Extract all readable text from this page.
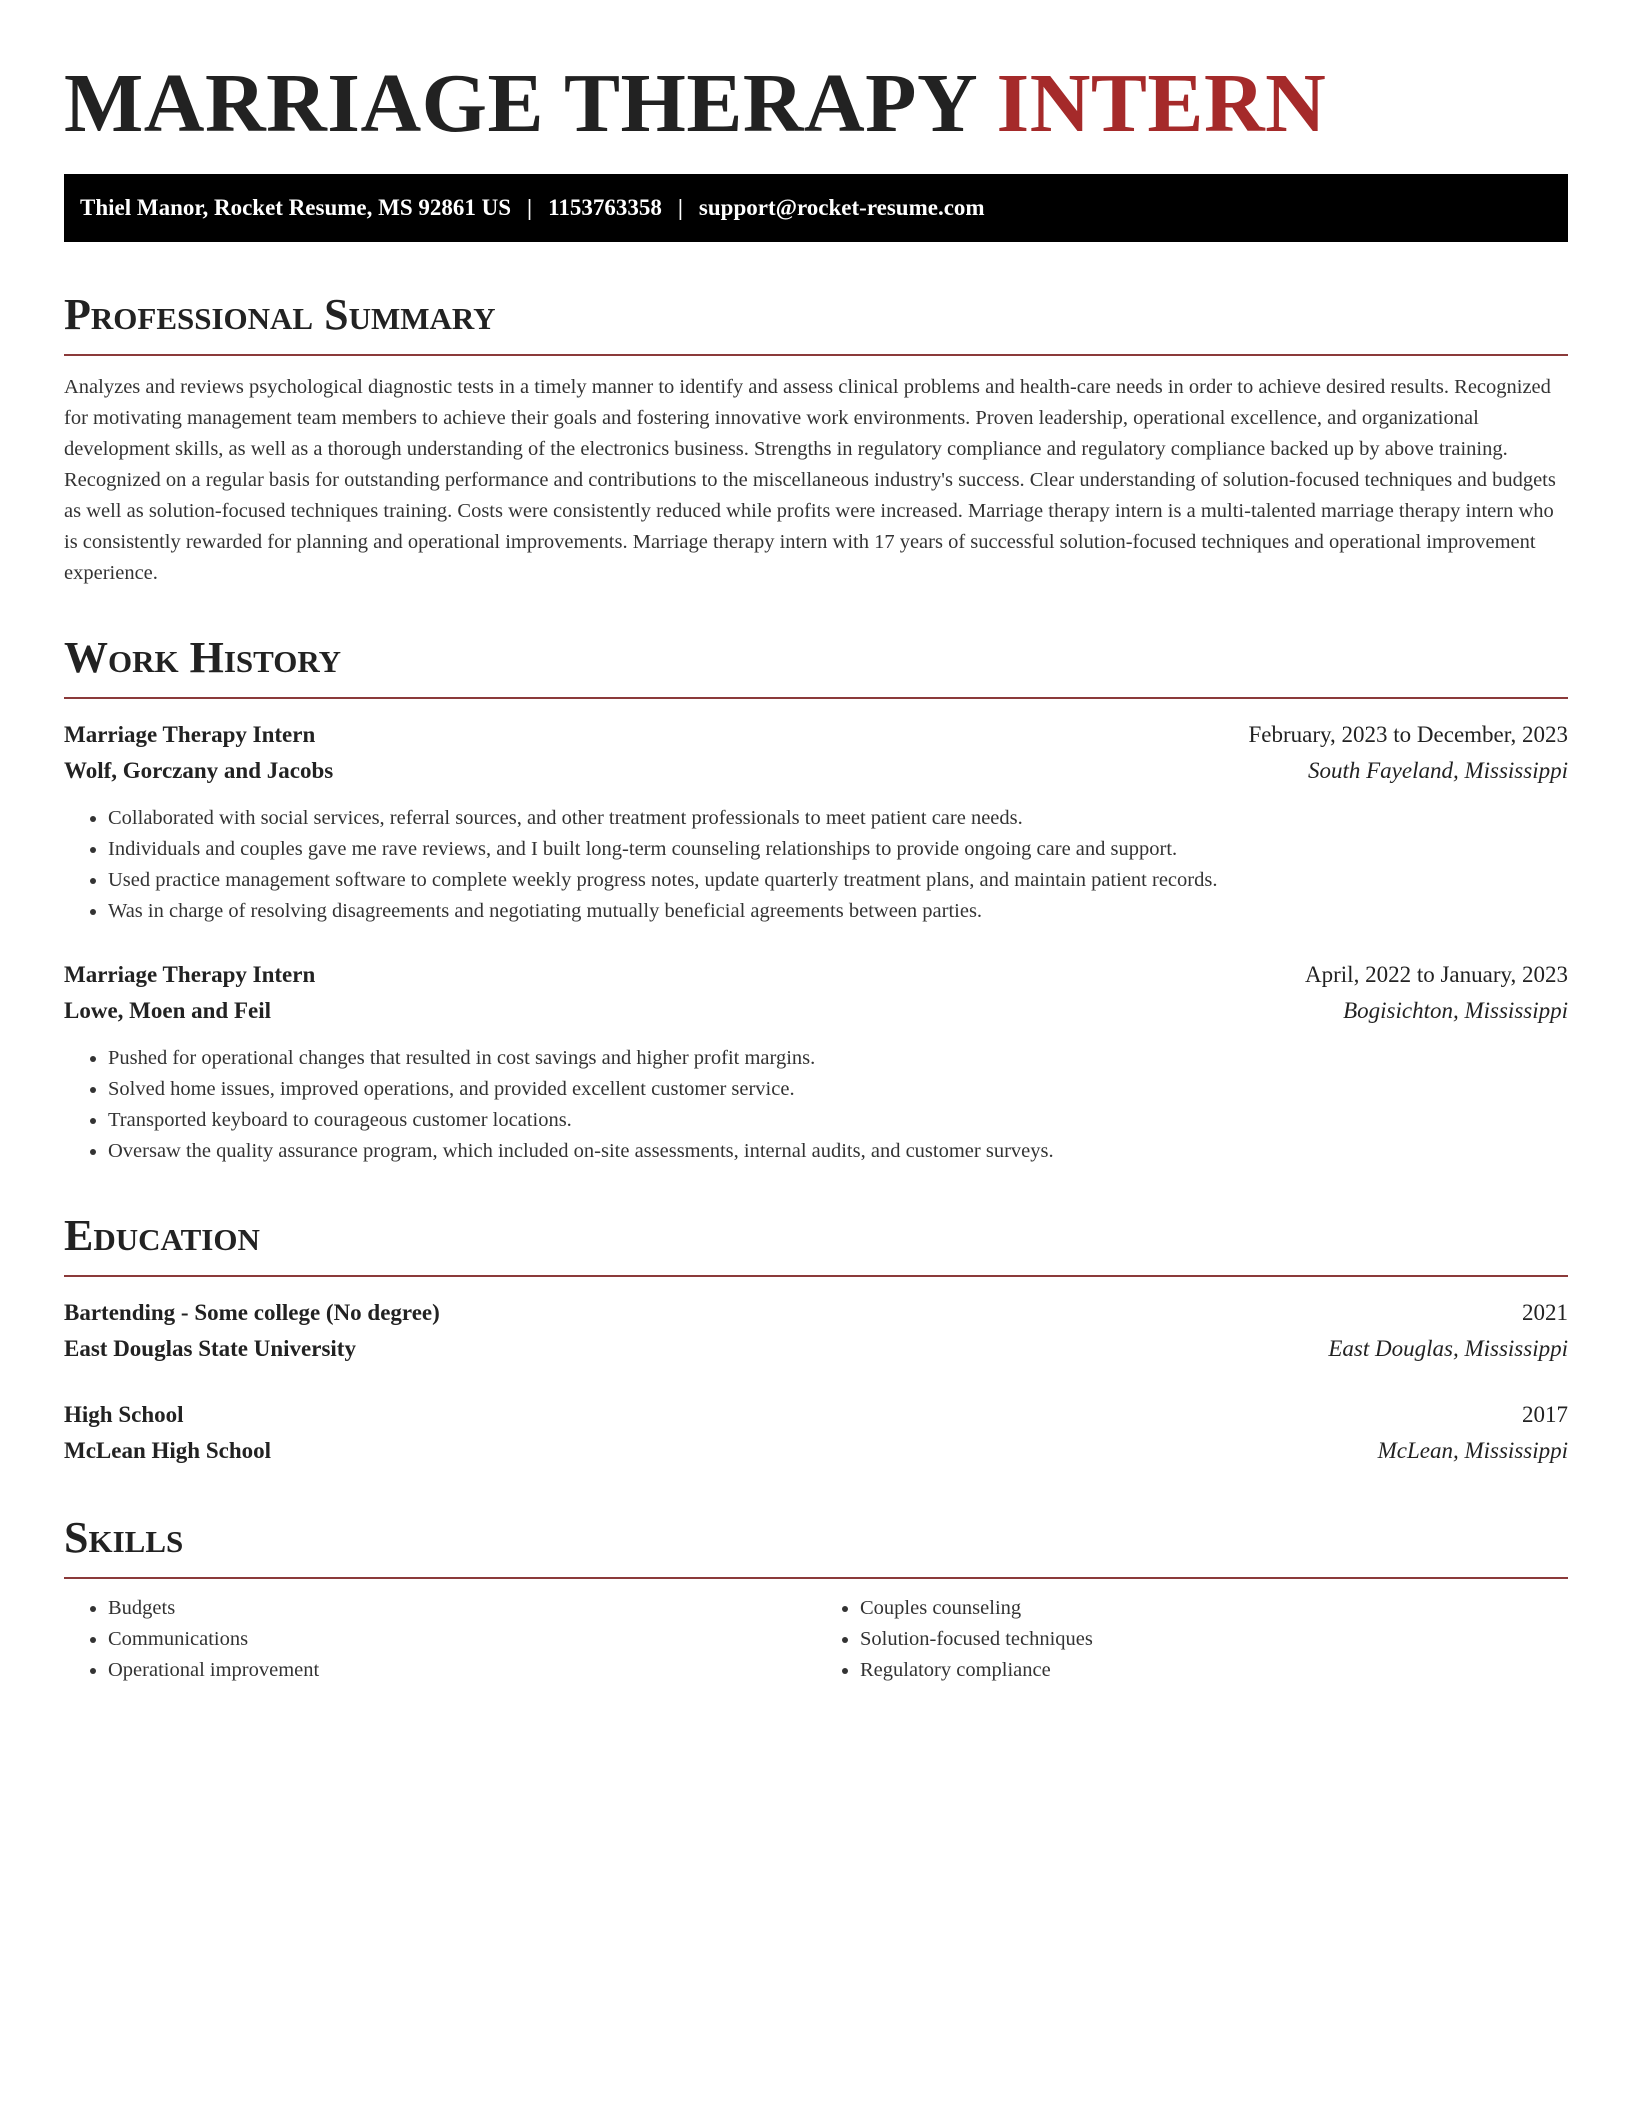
MARRIAGE THERAPY INTERN
Thiel Manor, Rocket Resume, MS 92861 US | 1153763358 | support@rocket-resume.com
Professional Summary

Analyzes and reviews psychological diagnostic tests in a timely manner to identify and assess clinical problems and health-care needs in order to achieve desired results. Recognized for motivating management team members to achieve their goals and fostering innovative work environments. Proven leadership, operational excellence, and organizational development skills, as well as a thorough understanding of the electronics business. Strengths in regulatory compliance and regulatory compliance backed up by above training. Recognized on a regular basis for outstanding performance and contributions to the miscellaneous industry's success. Clear understanding of solution-focused techniques and budgets as well as solution-focused techniques training. Costs were consistently reduced while profits were increased. Marriage therapy intern is a multi-talented marriage therapy intern who is consistently rewarded for planning and operational improvements. Marriage therapy intern with 17 years of successful solution-focused techniques and operational improvement experience.

Work History
Marriage Therapy Intern	February, 2023 to December, 2023
Wolf, Gorczany and Jacobs	South Fayeland, Mississippi
• Collaborated with social services, referral sources, and other treatment professionals to meet patient care needs.
• Individuals and couples gave me rave reviews, and I built long-term counseling relationships to provide ongoing care and support.
• Used practice management software to complete weekly progress notes, update quarterly treatment plans, and maintain patient records.
• Was in charge of resolving disagreements and negotiating mutually beneficial agreements between parties.
Marriage Therapy Intern	April, 2022 to January, 2023
Lowe, Moen and Feil	Bogisichton, Mississippi
• Pushed for operational changes that resulted in cost savings and higher profit margins.
• Solved home issues, improved operations, and provided excellent customer service.
• Transported keyboard to courageous customer locations.
• Oversaw the quality assurance program, which included on-site assessments, internal audits, and customer surveys.
Education
Bartending - Some college (No degree)	2021
East Douglas State University	East Douglas, Mississippi
High School	2017
McLean High School	McLean, Mississippi
Skills
• Budgets
• Communications
• Operational improvement
• Couples counseling
• Solution-focused techniques
• Regulatory compliance
